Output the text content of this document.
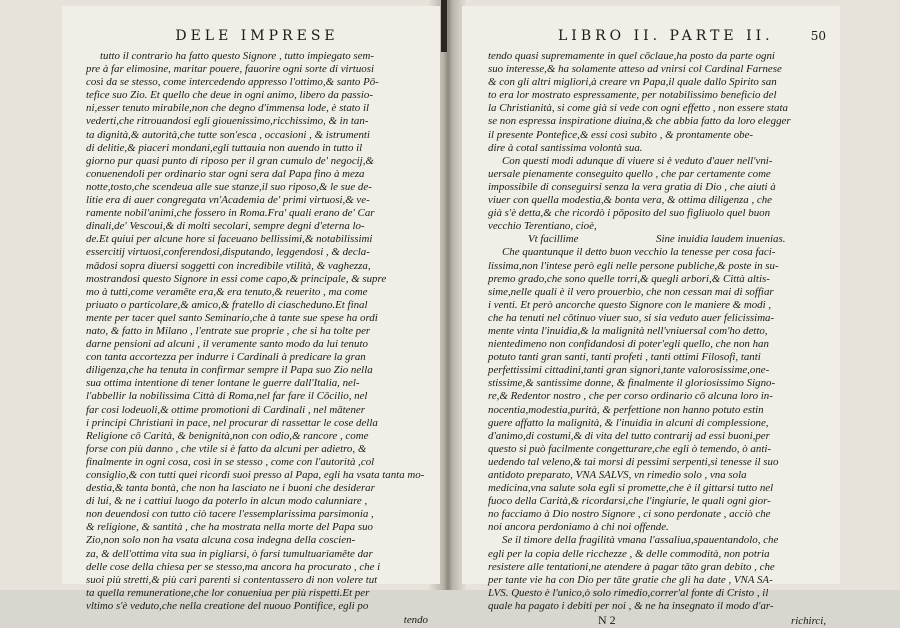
DELE IMPRESE
tutto il contrario ha fatto questo Signore , tutto impiegato sem-
pre à far elimosine, maritar pouere, fauorire ogni sorte di virtuosi
così da se stesso, come intercedendo appresso l'ottimo,& santo Pō-
tefice suo Zio. Et quello che deue in ogni animo, libero da passio-
ni,esser tenuto mirabile,non che degno d'immensa lode, è stato il
vederti,che ritrouandosi egli giouenissimo,ricchissimo, & in tan-
ta dignità,& autorità,che tutte son'esca , occasioni , & istrumenti
di delitie,& piaceri mondani,egli tuttauia non auendo in tutto il
giorno pur quasi punto di riposo per il gran cumulo de' negocij,&
conuenendoli per ordinario star ogni sera dal Papa fino à meza
notte,tosto,che scendeua alle sue stanze,il suo riposo,& le sue de-
litie era di auer congregata vn'Academia de' primi virtuosi,& ve-
ramente nobil'animi,che fossero in Roma.Fra' quali erano de' Car
dinali,de' Vescoui,& di molti secolari, sempre degni d'eterna lo-
de.Et quiui per alcune hore si faceuano bellissimi,& notabilissimi
essercitij virtuosi,conferendosi,disputando, leggendosi , & decla-
mādosi sopra diuersi soggetti con incredibile vtilità, & vaghezza,
mostrandosi questo Signore in essi come capo,& principale, & supre
mo à tutti,come veramēte era,& era tenuto,& reuerito , ma come
priuato o particolare,& amico,& fratello di ciascheduno.Et final
mente per tacer quel santo Seminario,che à tante sue spese ha ordi
nato, & fatto in Milano , l'entrate sue proprie , che si ha tolte per
darne pensioni ad alcuni , il veramente santo modo da lui tenuto
con tanta accortezza per indurre i Cardinali à predicare la gran
diligenza,che ha tenuta in confirmar sempre il Papa suo Zio nella
sua ottima intentione di tener lontane le guerre dall'Italia, nel-
l'abbellir la nobilissima Città di Roma,nel far fare il Cōcilio, nel
far cosi lodeuoli,& ottime promotioni di Cardinali , nel mātener
i principi Christiani in pace, nel procurar di rassettar le cose della
Religione cō Carità, & benignità,non con odio,& rancore , come
forse con più danno , che vtile si è fatto da alcuni per adietro, &
finalmente in ogni cosa, così in se stesso , come con l'autorità ,col
consiglio,& con tutti quei ricordi suoi presso al Papa, egli ha vsata tanta mo-
destia,& tanta bontà, che non ha lasciato ne i buoni che desiderar
di lui, & ne i cattiui luogo da poterlo in alcun modo calunniare ,
non deuendosi con tutto ciò tacere l'essemplarissima parsimonia ,
& religione, & santità , che ha mostrata nella morte del Papa suo
Zio,non solo non ha vsata alcuna cosa indegna della coscien-
za, & dell'ottima vita sua in pigliarsi, ò farsi tumultuariamēte dar
delle cose della chiesa per se stesso,ma ancora ha procurato , che i
suoi più stretti,& più cari parenti si contentassero di non volere tut
ta quella remuneratione,che lor conueniua per più rispetti.Et per
vltimo s'è veduto,che nella creatione del nuouo Pontifice, egli po
tendo
LIBRO II. PARTE II.	50
tendo quasi supremamente in quel cōclaue,ha posto da parte ogni
suo interesse,& ha solamente atteso ad vnirsi col Cardinal Farnese
& con gli altri migliori,à creare vn Papa,il quale dallo Spirito san
to era lor mostrato espressamente, per notabilissimo beneficio del
la Christianità, si come già si vede con ogni effetto , non essere stata
se non espressa inspiratione diuina,& che abbia fatto da loro elegger
il presente Pontefice,& essi così subito , & prontamente obe-
dire à cotal santissima volontà sua.
Con questi modi adunque di viuere si è veduto d'auer nell'vni-
uersale pienamente conseguito quello , che par certamente come
impossibile di conseguirsi senza la vera gratia di Dio , che aiuti à
viuer con quella modestia,& bonta vera, & ottima diligenza , che
già s'è detta,& che ricordò i pōposito del suo figliuolo quel buon
vecchio Terentiano, cioè,
Vt facillime	Sine inuidia laudem inuenias.
Che quantunque il detto buon vecchio la tenesse per cosa faci-
lissima,non l'intese però egli nelle persone publiche,& poste in su-
premo grado,che sono quelle torri,& quegli arbori,& Città altis-
sime,nelle quali è il vero prouerbio, che non cessan mai di soffiar
i venti. Et però ancorche questo Signore con le maniere & modi ,
che ha tenuti nel cōtinuo viuer suo, si sia veduto auer felicissima-
mente vinta l'inuidia,& la malignità nell'vniuersal com'ho detto,
nientedimeno non confidandosi di poter'egli quello, che non han
potuto tanti gran santi, tanti profeti , tanti ottimi Filosofi, tanti
perfettissimi cittadini,tanti gran signori,tante valorosissime,one-
stissime,& santissime donne, & finalmente il gloriosissimo Signo-
re,& Redentor nostro , che per corso ordinario cō alcuna loro in-
nocentia,modestia,purità, & perfettione non hanno potuto estin
guere affatto la malignità, & l'inuidia in alcuni di complessione,
d'animo,di costumi,& di vita del tutto contrarij ad essi buoni,per
questo si può facilmente congetturare,che egli ò temendo, ò anti-
uedendo tal veleno,& tai morsi di pessimi serpenti,si tenesse il suo
antidoto preparato, VNA SALVS, vn rimedio solo , vna sola
medicina,vna salute sola egli si promette,che è il gittarsi tutto nel
fuoco della Carità,& ricordarsi,che l'ingiurie, le quali ogni gior-
no facciamo à Dio nostro Signore , ci sono perdonate , acciò che
noi ancora perdoniamo à chi noi offende.
Se il timore della fragilità vmana l'assaliua,spauentandolo, che
egli per la copia delle ricchezze , & delle commodità, non potria
resistere alle tentationi,ne atendere à pagar tāto gran debito , che
per tante vie ha con Dio per tāte gratie che gli ha date , VNA SA-
LVS. Questo è l'unico,ò solo rimedio,correr'al fonte di Cristo , il
quale ha pagato i debiti per noi , & ne ha insegnato il modo d'ar-
N 2	richirci,
